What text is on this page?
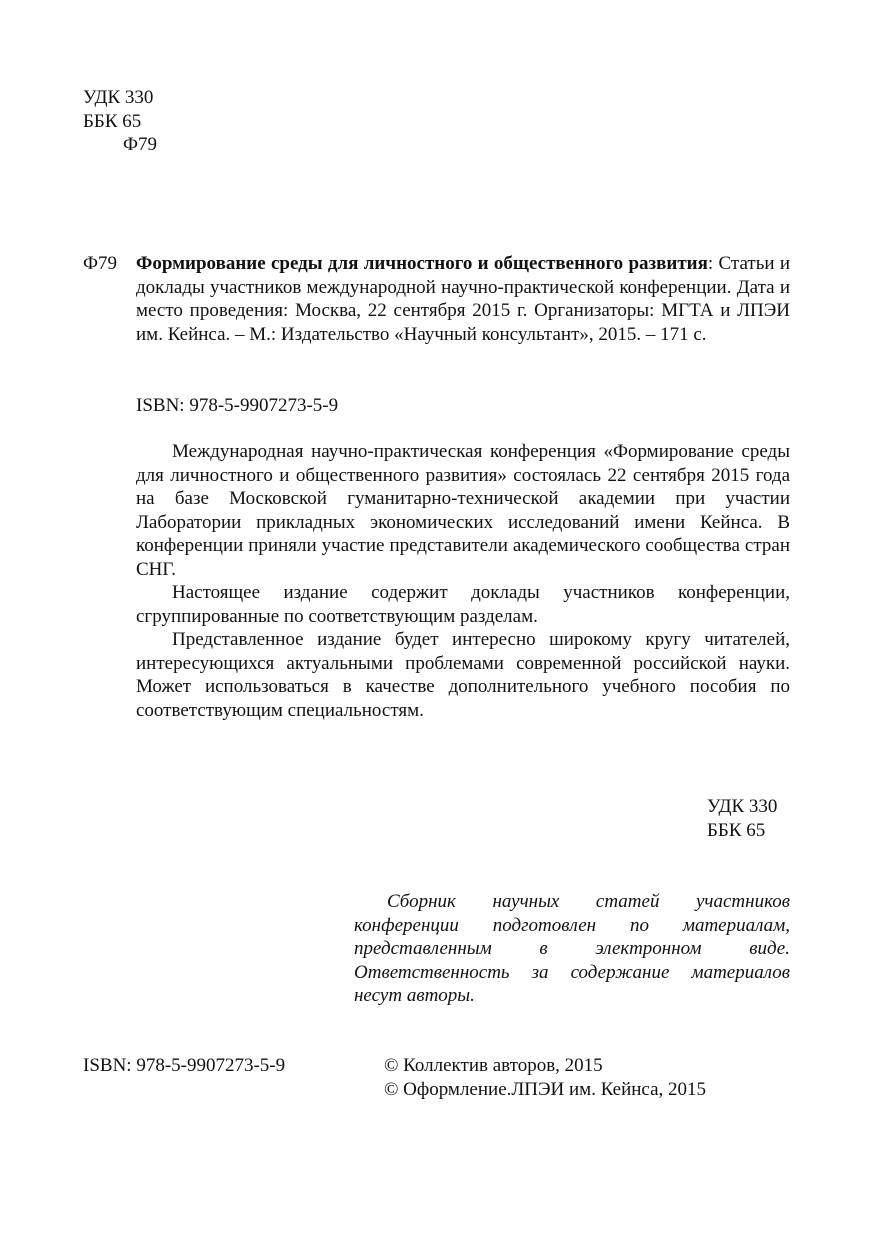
УДК 330
ББК 65
Ф79
Ф79 Формирование среды для личностного и общественного развития: Статьи и доклады участников международной научно-практической конференции. Дата и место проведения: Москва, 22 сентября 2015 г. Организаторы: МГТА и ЛПЭИ им. Кейнса. – М.: Издательство «Научный консультант», 2015. – 171 с.
ISBN: 978-5-9907273-5-9

Международная научно-практическая конференция «Формирование среды для личностного и общественного развития» состоялась 22 сентября 2015 года на базе Московской гуманитарно-технической академии при участии Лаборатории прикладных экономических исследований имени Кейнса. В конференции приняли участие представители академического сообщества стран СНГ.

Настоящее издание содержит доклады участников конференции, сгруппированные по соответствующим разделам.

Представленное издание будет интересно широкому кругу читателей, интересующихся актуальными проблемами современной российской науки. Может использоваться в качестве дополнительного учебного пособия по соответствующим специальностям.

УДК 330
ББК 65
Сборник научных статей участников конференции подготовлен по материалам, представленным в электронном виде. Ответственность за содержание материалов несут авторы.
ISBN: 978-5-9907273-5-9	© Коллектив авторов, 2015
© Оформление.ЛПЭИ им. Кейнса, 2015
